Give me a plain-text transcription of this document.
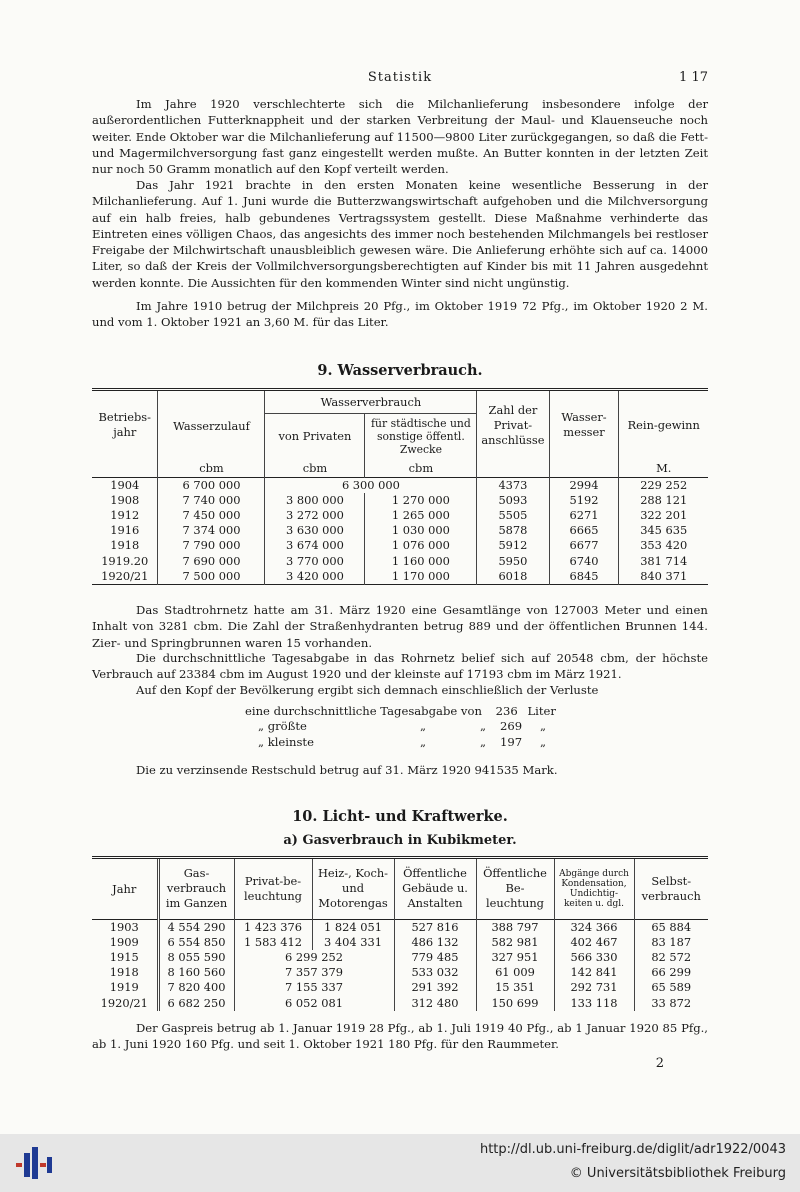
Statistik	1 17

Im Jahre 1920 verschlechterte sich die Milchanlieferung insbesondere infolge der außerordentlichen Futterknappheit und der starken Verbreitung der Maul- und Klauenseuche noch weiter. Ende Oktober war die Milchanlieferung auf 11500—9800 Liter zurückgegangen, so daß die Fett- und Magermilchversorgung fast ganz eingestellt werden mußte. An Butter konnten in der letzten Zeit nur noch 50 Gramm monatlich auf den Kopf verteilt werden.

Das Jahr 1921 brachte in den ersten Monaten keine wesentliche Besserung in der Milchanlieferung. Auf 1. Juni wurde die Butterzwangswirtschaft aufgehoben und die Milchversorgung auf ein halb freies, halb gebundenes Vertragssystem gestellt. Diese Maßnahme verhinderte das Eintreten eines völligen Chaos, das angesichts des immer noch bestehenden Milchmangels bei restloser Freigabe der Milchwirtschaft unausbleiblich gewesen wäre. Die Anlieferung erhöhte sich auf ca. 14000 Liter, so daß der Kreis der Vollmilchversorgungsberechtigten auf Kinder bis mit 11 Jahren ausgedehnt werden konnte. Die Aussichten für den kommenden Winter sind nicht ungünstig.

Im Jahre 1910 betrug der Milchpreis 20 Pfg., im Oktober 1919 72 Pfg., im Oktober 1920 2 M. und vom 1. Oktober 1921 an 3,60 M. für das Liter.

9. Wasserverbrauch.

Betriebs-jahr	Wasserzulauf	Wasserverbrauch		Zahl der Privat-anschlüsse	Wasser-messer	Rein-gewinn
		von Privaten	für städtische und sonstige öffentl. Zwecke			
	cbm	cbm	cbm			M.

1904	6 700 000	6 300 000		4373	2994	229 252
1908	7 740 000	3 800 000	1 270 000	5093	5192	288 121
1912	7 450 000	3 272 000	1 265 000	5505	6271	322 201
1916	7 374 000	3 630 000	1 030 000	5878	6665	345 635
1918	7 790 000	3 674 000	1 076 000	5912	6677	353 420
1919.20	7 690 000	3 770 000	1 160 000	5950	6740	381 714
1920/21	7 500 000	3 420 000	1 170 000	6018	6845	840 371

Das Stadtrohrnetz hatte am 31. März 1920 eine Gesamtlänge von 127003 Meter und einen Inhalt von 3281 cbm. Die Zahl der Straßenhydranten betrug 889 und der öffentlichen Brunnen 144. Zier- und Springbrunnen waren 15 vorhanden.

Die durchschnittliche Tagesabgabe in das Rohrnetz belief sich auf 20548 cbm, der höchste Verbrauch auf 23384 cbm im August 1920 und der kleinste auf 17193 cbm im März 1921.

Auf den Kopf der Bevölkerung ergibt sich demnach einschließlich der Verluste

eine durchschnittliche Tagesabgabe von 236 Liter
„ größte	„	„ 269 „
„ kleinste	„	„ 197 „

Die zu verzinsende Restschuld betrug auf 31. März 1920 941535 Mark.

10. Licht- und Kraftwerke.
a) Gasverbrauch in Kubikmeter.

Jahr	Gas-verbrauch im Ganzen	Privat-be-leuchtung	Heiz-, Koch- und Motorengas	Öffentliche Gebäude u. Anstalten	Öffentliche Be-leuchtung	Abgänge durch Kondensation, Undichtig-keiten u. dgl.	Selbst-verbrauch

1903	4 554 290	1 423 376	1 824 051	527 816	388 797	324 366	65 884
1909	6 554 850	1 583 412	3 404 331	486 132	582 981	402 467	83 187
1915	8 055 590	6 299 252		779 485	327 951	566 330	82 572
1918	8 160 560	7 357 379		533 032	61 009	142 841	66 299
1919	7 820 400	7 155 337		291 392	15 351	292 731	65 589
1920/21	6 682 250	6 052 081		312 480	150 699	133 118	33 872

Der Gaspreis betrug ab 1. Januar 1919 28 Pfg., ab 1. Juli 1919 40 Pfg., ab 1 Januar 1920 85 Pfg., ab 1. Juni 1920 160 Pfg. und seit 1. Oktober 1921 180 Pfg. für den Raummeter.

2
http://dl.ub.uni-freiburg.de/diglit/adr1922/0043
© Universitätsbibliothek Freiburg
